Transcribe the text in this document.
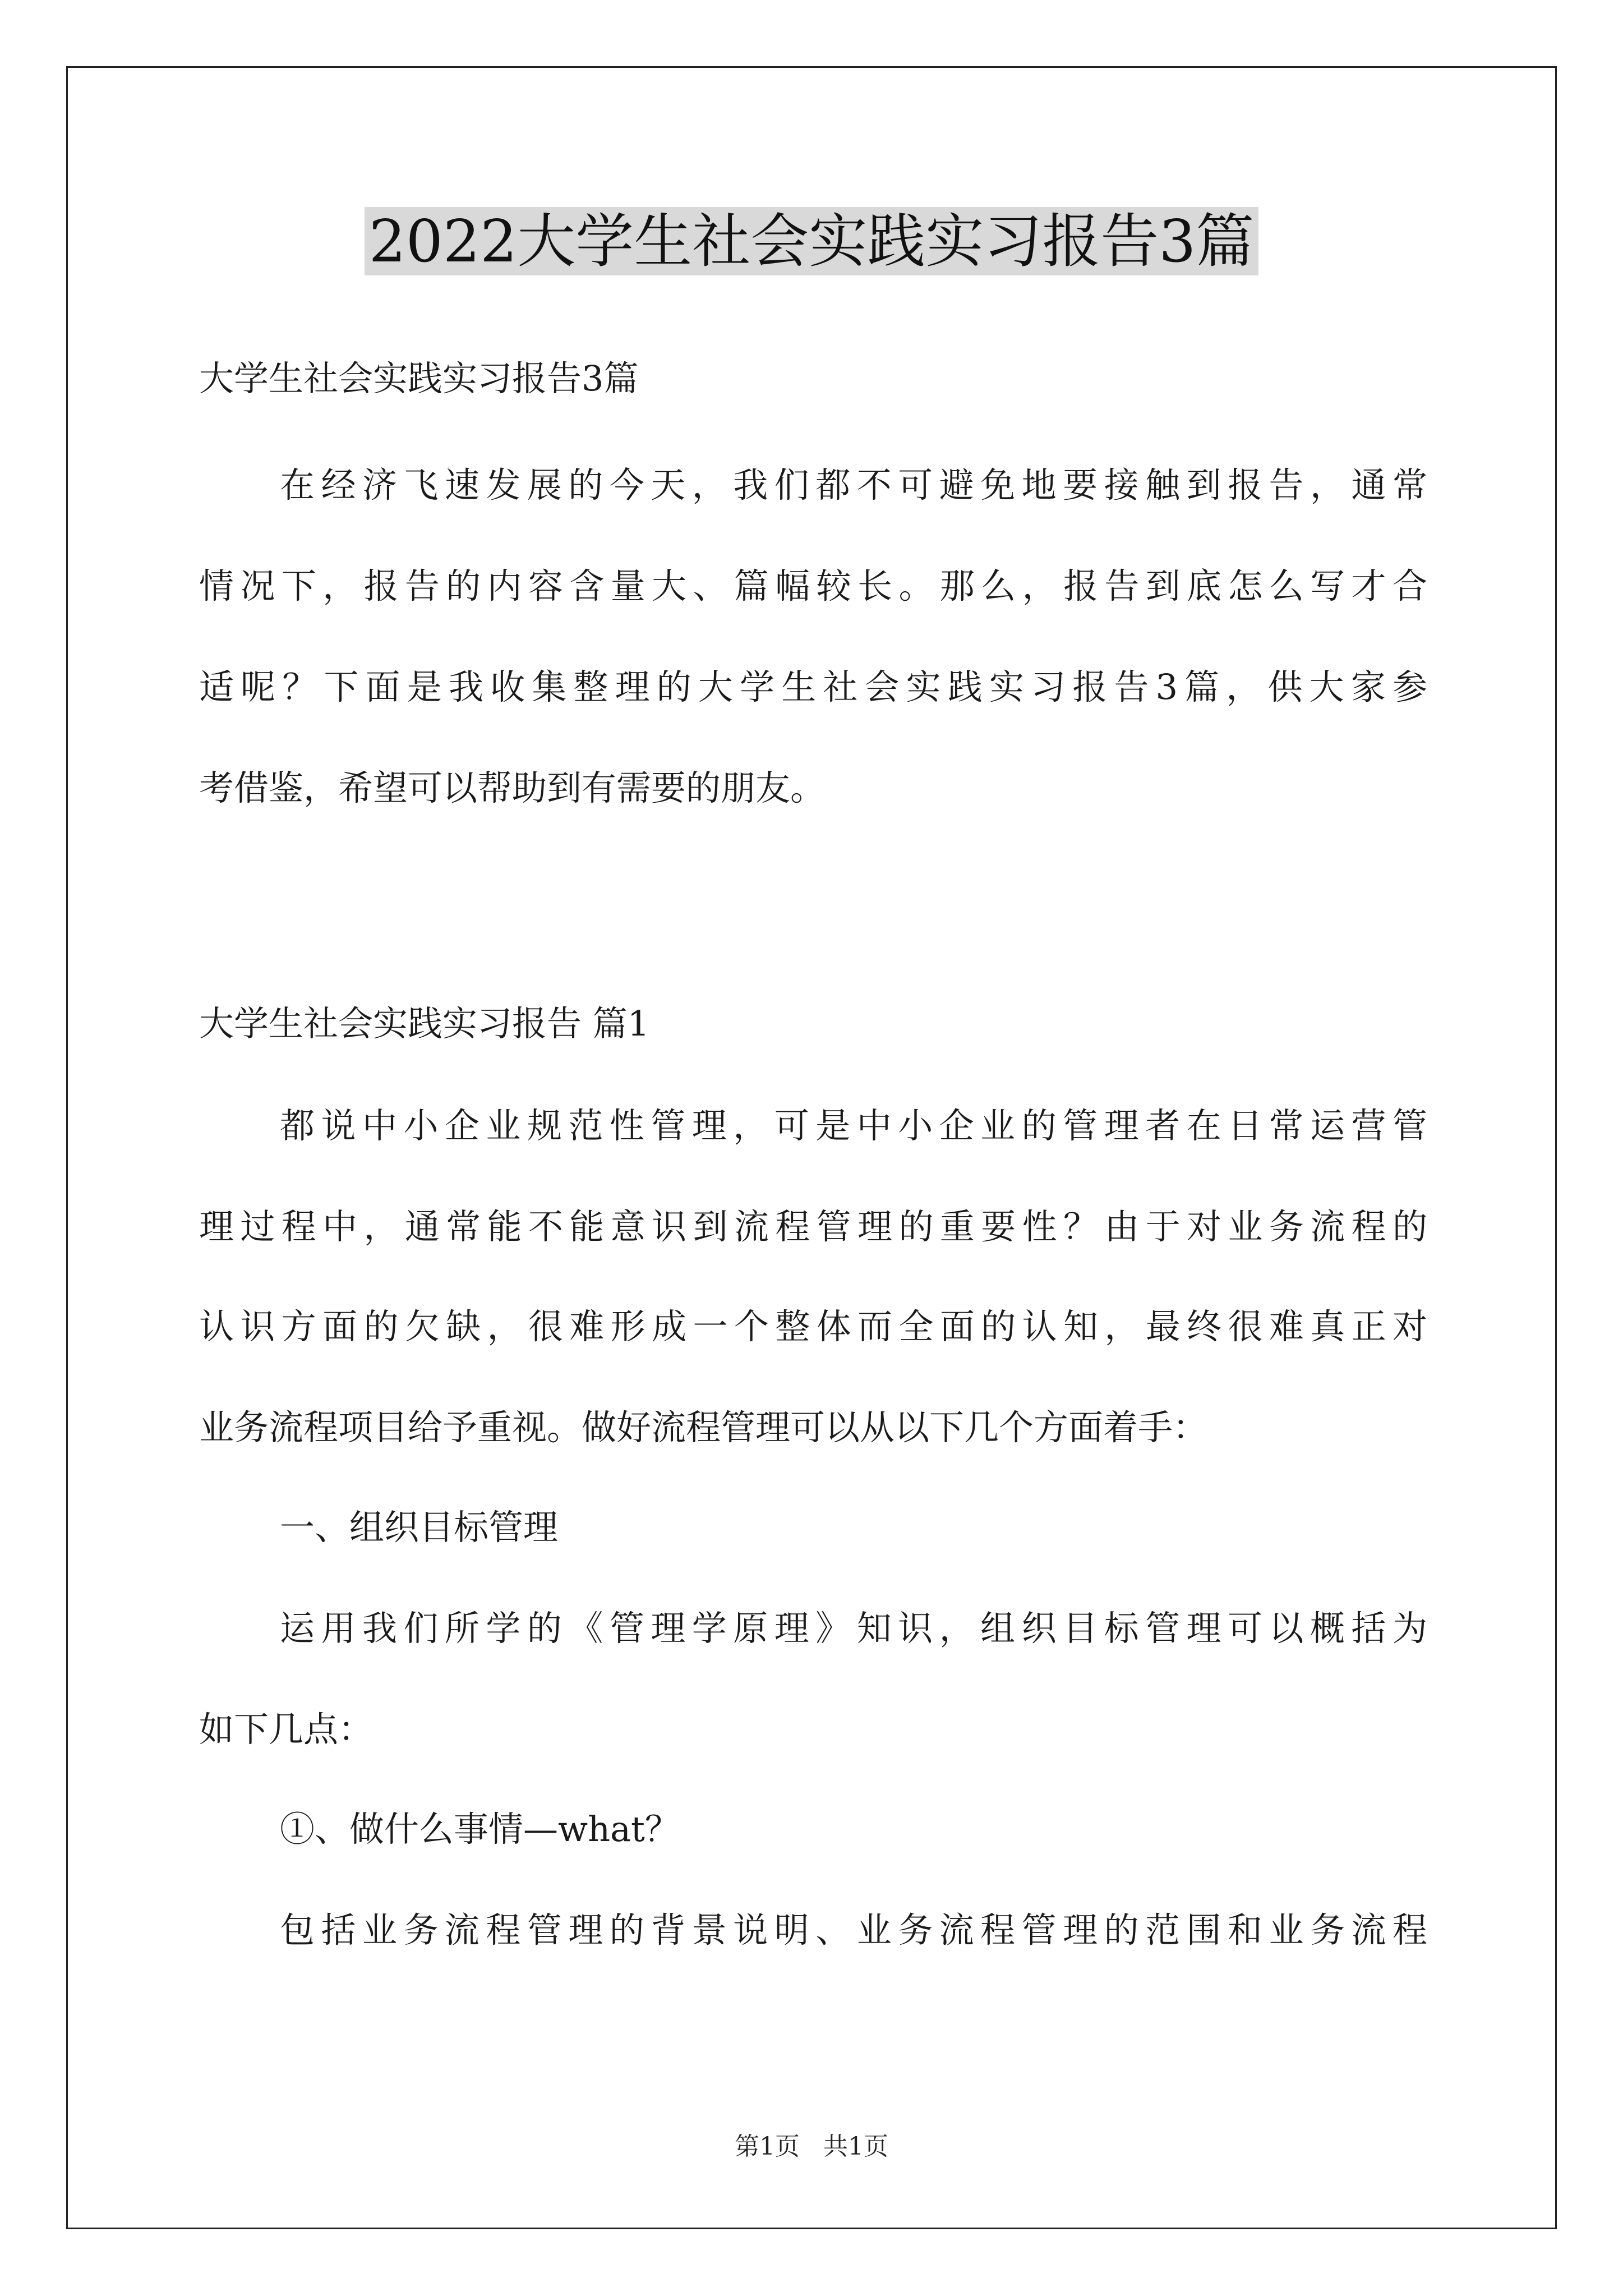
2022大学生社会实践实习报告3篇
大学生社会实践实习报告3篇
在经济飞速发展的今天，我们都不可避免地要接触到报告，通常
情况下，报告的内容含量大、篇幅较长。那么，报告到底怎么写才合
适呢？下面是我收集整理的大学生社会实践实习报告3篇，供大家参
考借鉴，希望可以帮助到有需要的朋友。
大学生社会实践实习报告 篇1
都说中小企业规范性管理，可是中小企业的管理者在日常运营管
理过程中，通常能不能意识到流程管理的重要性？由于对业务流程的
认识方面的欠缺，很难形成一个整体而全面的认知，最终很难真正对
业务流程项目给予重视。做好流程管理可以从以下几个方面着手：
一、组织目标管理
运用我们所学的《管理学原理》知识，组织目标管理可以概括为
如下几点：
①、做什么事情—what？
包括业务流程管理的背景说明、业务流程管理的范围和业务流程
第1页   共1页
